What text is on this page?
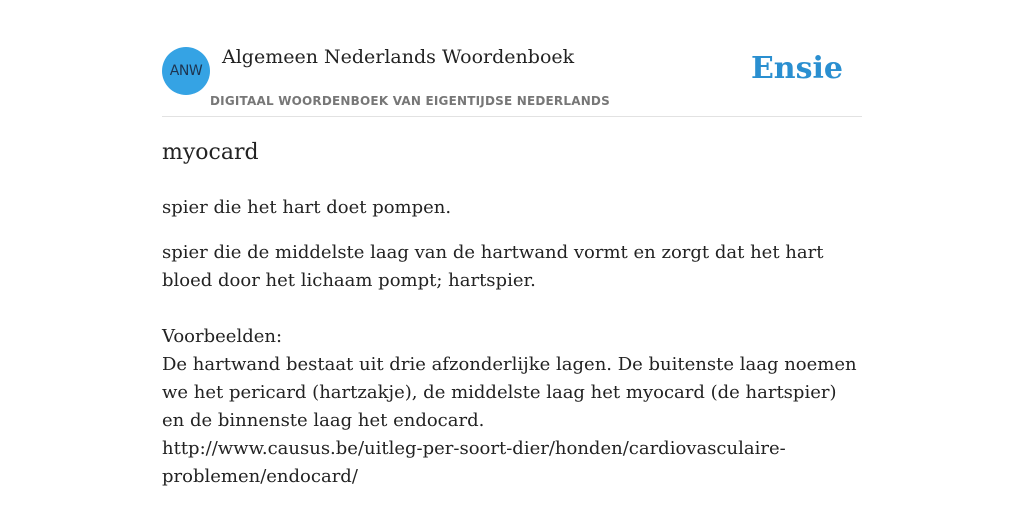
ANW
Algemeen Nederlands Woordenboek
DIGITAAL WOORDENBOEK VAN EIGENTIJDSE NEDERLANDS
Ensie
myocard
spier die het hart doet pompen.
spier die de middelste laag van de hartwand vormt en zorgt dat het hart bloed door het lichaam pompt; hartspier.
Voorbeelden:
De hartwand bestaat uit drie afzonderlijke lagen. De buitenste laag noemen we het pericard (hartzakje), de middelste laag het myocard (de hartspier) en de binnenste laag het endocard.
http://www.causus.be/uitleg-per-soort-dier/honden/cardiovasculaire-problemen/endocard/
